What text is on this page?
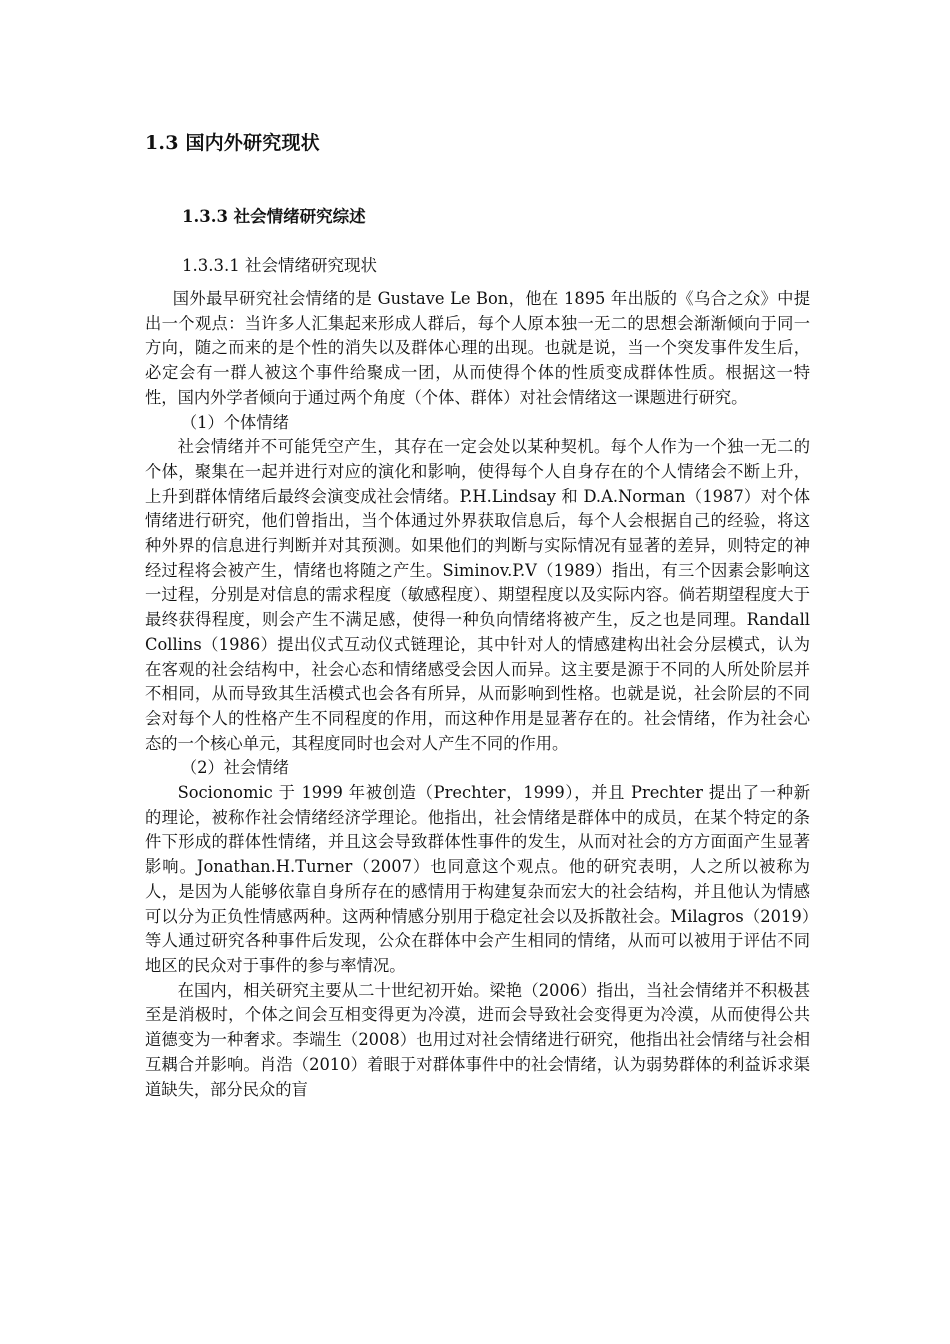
1.3 国内外研究现状
1.3.3 社会情绪研究综述
1.3.3.1 社会情绪研究现状

国外最早研究社会情绪的是 Gustave Le Bon，他在 1895 年出版的《乌合之众》中提出一个观点：当许多人汇集起来形成人群后，每个人原本独一无二的思想会渐渐倾向于同一方向，随之而来的是个性的消失以及群体心理的出现。也就是说，当一个突发事件发生后，必定会有一群人被这个事件给聚成一团，从而使得个体的性质变成群体性质。根据这一特性，国内外学者倾向于通过两个角度（个体、群体）对社会情绪这一课题进行研究。

（1）个体情绪

社会情绪并不可能凭空产生，其存在一定会处以某种契机。每个人作为一个独一无二的个体，聚集在一起并进行对应的演化和影响，使得每个人自身存在的个人情绪会不断上升，上升到群体情绪后最终会演变成社会情绪。P.H.Lindsay 和 D.A.Norman（1987）对个体情绪进行研究，他们曾指出，当个体通过外界获取信息后，每个人会根据自己的经验，将这种外界的信息进行判断并对其预测。如果他们的判断与实际情况有显著的差异，则特定的神经过程将会被产生，情绪也将随之产生。Siminov.P.V（1989）指出，有三个因素会影响这一过程，分别是对信息的需求程度（敏感程度）、期望程度以及实际内容。倘若期望程度大于最终获得程度，则会产生不满足感，使得一种负向情绪将被产生，反之也是同理。Randall Collins（1986）提出仪式互动仪式链理论，其中针对人的情感建构出社会分层模式，认为在客观的社会结构中，社会心态和情绪感受会因人而异。这主要是源于不同的人所处阶层并不相同，从而导致其生活模式也会各有所异，从而影响到性格。也就是说，社会阶层的不同会对每个人的性格产生不同程度的作用，而这种作用是显著存在的。社会情绪，作为社会心态的一个核心单元，其程度同时也会对人产生不同的作用。

（2）社会情绪

Socionomic 于 1999 年被创造（Prechter，1999），并且 Prechter 提出了一种新的理论，被称作社会情绪经济学理论。他指出，社会情绪是群体中的成员，在某个特定的条件下形成的群体性情绪，并且这会导致群体性事件的发生，从而对社会的方方面面产生显著影响。Jonathan.H.Turner（2007）也同意这个观点。他的研究表明，人之所以被称为人，是因为人能够依靠自身所存在的感情用于构建复杂而宏大的社会结构，并且他认为情感可以分为正负性情感两种。这两种情感分别用于稳定社会以及拆散社会。Milagros（2019）等人通过研究各种事件后发现，公众在群体中会产生相同的情绪，从而可以被用于评估不同地区的民众对于事件的参与率情况。

在国内，相关研究主要从二十世纪初开始。梁艳（2006）指出，当社会情绪并不积极甚至是消极时，个体之间会互相变得更为冷漠，进而会导致社会变得更为冷漠，从而使得公共道德变为一种奢求。李端生（2008）也用过对社会情绪进行研究，他指出社会情绪与社会相互耦合并影响。肖浩（2010）着眼于对群体事件中的社会情绪，认为弱势群体的利益诉求渠道缺失，部分民众的盲
